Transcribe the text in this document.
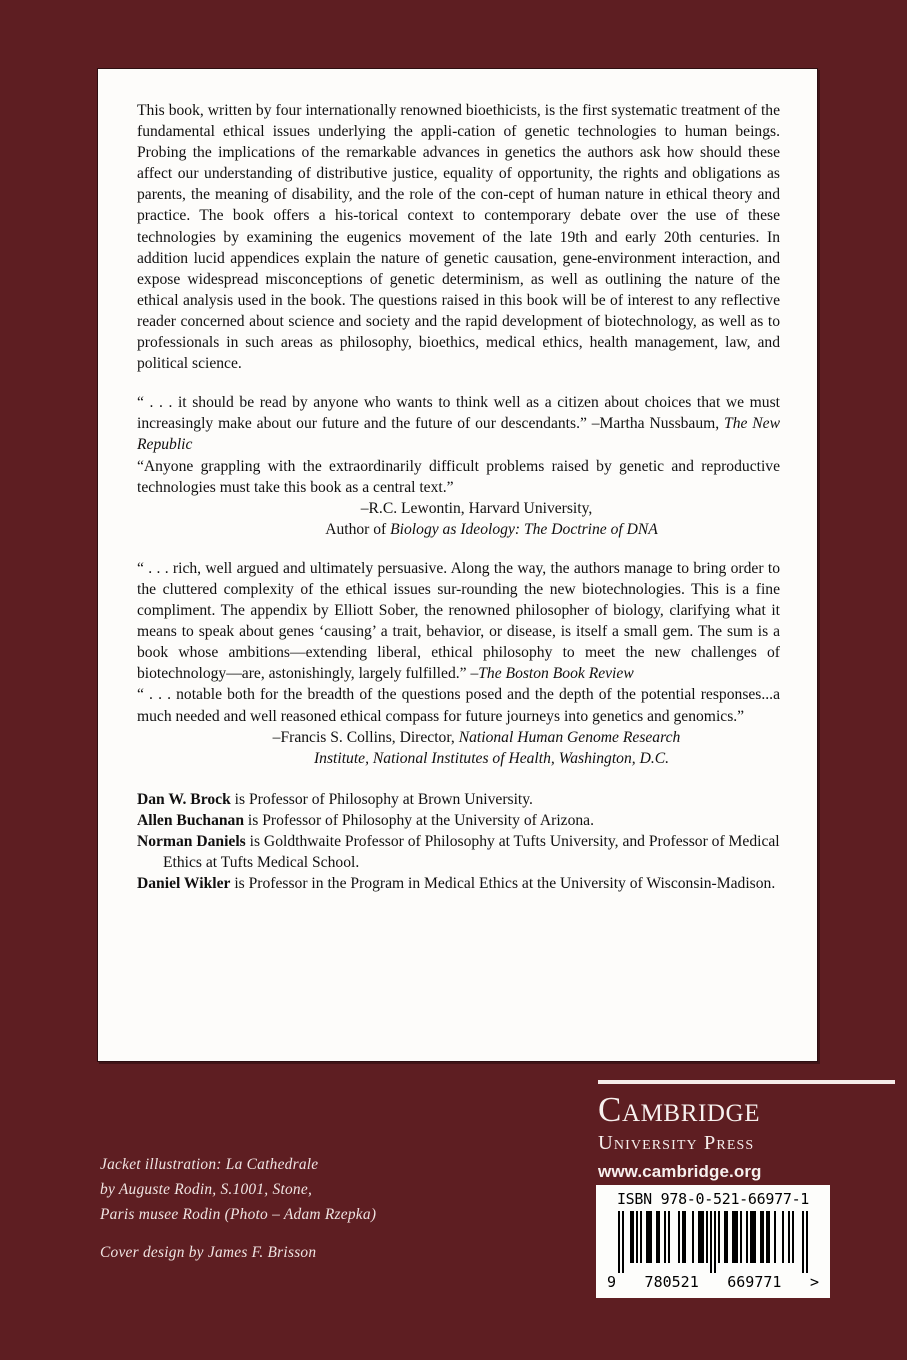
This book, written by four internationally renowned bioethicists, is the first systematic treatment of the fundamental ethical issues underlying the appli-cation of genetic technologies to human beings. Probing the implications of the remarkable advances in genetics the authors ask how should these affect our understanding of distributive justice, equality of opportunity, the rights and obligations as parents, the meaning of disability, and the role of the con-cept of human nature in ethical theory and practice. The book offers a his-torical context to contemporary debate over the use of these technologies by examining the eugenics movement of the late 19th and early 20th centuries. In addition lucid appendices explain the nature of genetic causation, gene-environment interaction, and expose widespread misconceptions of genetic determinism, as well as outlining the nature of the ethical analysis used in the book. The questions raised in this book will be of interest to any reflective reader concerned about science and society and the rapid development of biotechnology, as well as to professionals in such areas as philosophy, bioethics, medical ethics, health management, law, and political science.

“ . . . it should be read by anyone who wants to think well as a citizen about choices that we must increasingly make about our future and the future of our descendants.” –Martha Nussbaum, The New Republic

“Anyone grappling with the extraordinarily difficult problems raised by genetic and reproductive technologies must take this book as a central text.”

–R.C. Lewontin, Harvard University,

Author of Biology as Ideology: The Doctrine of DNA

“ . . . rich, well argued and ultimately persuasive. Along the way, the authors manage to bring order to the cluttered complexity of the ethical issues sur-rounding the new biotechnologies. This is a fine compliment. The appendix by Elliott Sober, the renowned philosopher of biology, clarifying what it means to speak about genes ‘causing’ a trait, behavior, or disease, is itself a small gem. The sum is a book whose ambitions—extending liberal, ethical philosophy to meet the new challenges of biotechnology—are, astonishingly, largely fulfilled.” –The Boston Book Review

“ . . . notable both for the breadth of the questions posed and the depth of the potential responses...a much needed and well reasoned ethical compass for future journeys into genetics and genomics.”

–Francis S. Collins, Director, National Human Genome Research

Institute, National Institutes of Health, Washington, D.C.

Dan W. Brock is Professor of Philosophy at Brown University.

Allen Buchanan is Professor of Philosophy at the University of Arizona.

Norman Daniels is Goldthwaite Professor of Philosophy at Tufts University, and Professor of Medical Ethics at Tufts Medical School.

Daniel Wikler is Professor in the Program in Medical Ethics at the University of Wisconsin-Madison.

Jacket illustration: La Cathedrale
by Auguste Rodin, S.1001, Stone,
Paris musee Rodin (Photo – Adam Rzepka)
Cover design by James F. Brisson
Cambridge
University Press
www.cambridge.org
ISBN 978-0-521-66977-1
9 780521 669771 >
